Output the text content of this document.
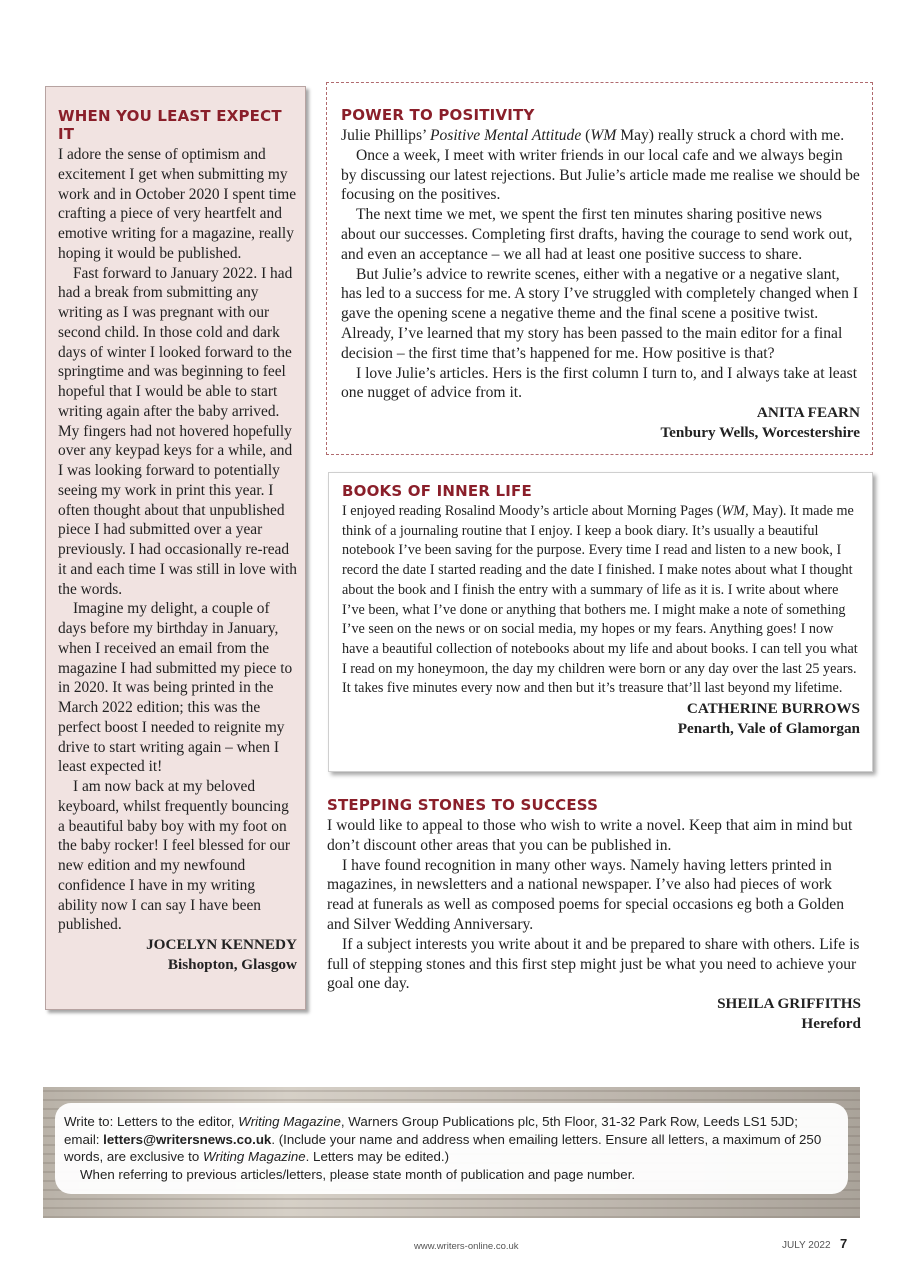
WHEN YOU LEAST EXPECT IT

I adore the sense of optimism and excitement I get when submitting my work and in October 2020 I spent time crafting a piece of very heartfelt and emotive writing for a magazine, really hoping it would be published.

Fast forward to January 2022. I had had a break from submitting any writing as I was pregnant with our second child. In those cold and dark days of winter I looked forward to the springtime and was beginning to feel hopeful that I would be able to start writing again after the baby arrived. My fingers had not hovered hopefully over any keypad keys for a while, and I was looking forward to potentially seeing my work in print this year. I often thought about that unpublished piece I had submitted over a year previously. I had occasionally re-read it and each time I was still in love with the words.

Imagine my delight, a couple of days before my birthday in January, when I received an email from the magazine I had submitted my piece to in 2020. It was being printed in the March 2022 edition; this was the perfect boost I needed to reignite my drive to start writing again – when I least expected it!

I am now back at my beloved keyboard, whilst frequently bouncing a beautiful baby boy with my foot on the baby rocker! I feel blessed for our new edition and my newfound confidence I have in my writing ability now I can say I have been published.

JOCELYN KENNEDY
Bishopton, Glasgow
POWER TO POSITIVITY

Julie Phillips’ Positive Mental Attitude (WM May) really struck a chord with me.

Once a week, I meet with writer friends in our local cafe and we always begin by discussing our latest rejections. But Julie’s article made me realise we should be focusing on the positives.

The next time we met, we spent the first ten minutes sharing positive news about our successes. Completing first drafts, having the courage to send work out, and even an acceptance – we all had at least one positive success to share.

But Julie’s advice to rewrite scenes, either with a negative or a negative slant, has led to a success for me. A story I’ve struggled with completely changed when I gave the opening scene a negative theme and the final scene a positive twist. Already, I’ve learned that my story has been passed to the main editor for a final decision – the first time that’s happened for me. How positive is that?

I love Julie’s articles. Hers is the first column I turn to, and I always take at least one nugget of advice from it.

ANITA FEARN
Tenbury Wells, Worcestershire
BOOKS OF INNER LIFE

I enjoyed reading Rosalind Moody’s article about Morning Pages (WM, May). It made me think of a journaling routine that I enjoy. I keep a book diary. It’s usually a beautiful notebook I’ve been saving for the purpose. Every time I read and listen to a new book, I record the date I started reading and the date I finished. I make notes about what I thought about the book and I finish the entry with a summary of life as it is. I write about where I’ve been, what I’ve done or anything that bothers me. I might make a note of something I’ve seen on the news or on social media, my hopes or my fears. Anything goes! I now have a beautiful collection of notebooks about my life and about books. I can tell you what I read on my honeymoon, the day my children were born or any day over the last 25 years. It takes five minutes every now and then but it’s treasure that’ll last beyond my lifetime.

CATHERINE BURROWS
Penarth, Vale of Glamorgan
STEPPING STONES TO SUCCESS

I would like to appeal to those who wish to write a novel. Keep that aim in mind but don’t discount other areas that you can be published in.

I have found recognition in many other ways. Namely having letters printed in magazines, in newsletters and a national newspaper. I’ve also had pieces of work read at funerals as well as composed poems for special occasions eg both a Golden and Silver Wedding Anniversary.

If a subject interests you write about it and be prepared to share with others. Life is full of stepping stones and this first step might just be what you need to achieve your goal one day.

SHEILA GRIFFITHS
Hereford
Write to: Letters to the editor, Writing Magazine, Warners Group Publications plc, 5th Floor, 31-32 Park Row, Leeds LS1 5JD; email: letters@writersnews.co.uk. (Include your name and address when emailing letters. Ensure all letters, a maximum of 250 words, are exclusive to Writing Magazine. Letters may be edited.)
When referring to previous articles/letters, please state month of publication and page number.
www.writers-online.co.uk	JULY 2022 7
